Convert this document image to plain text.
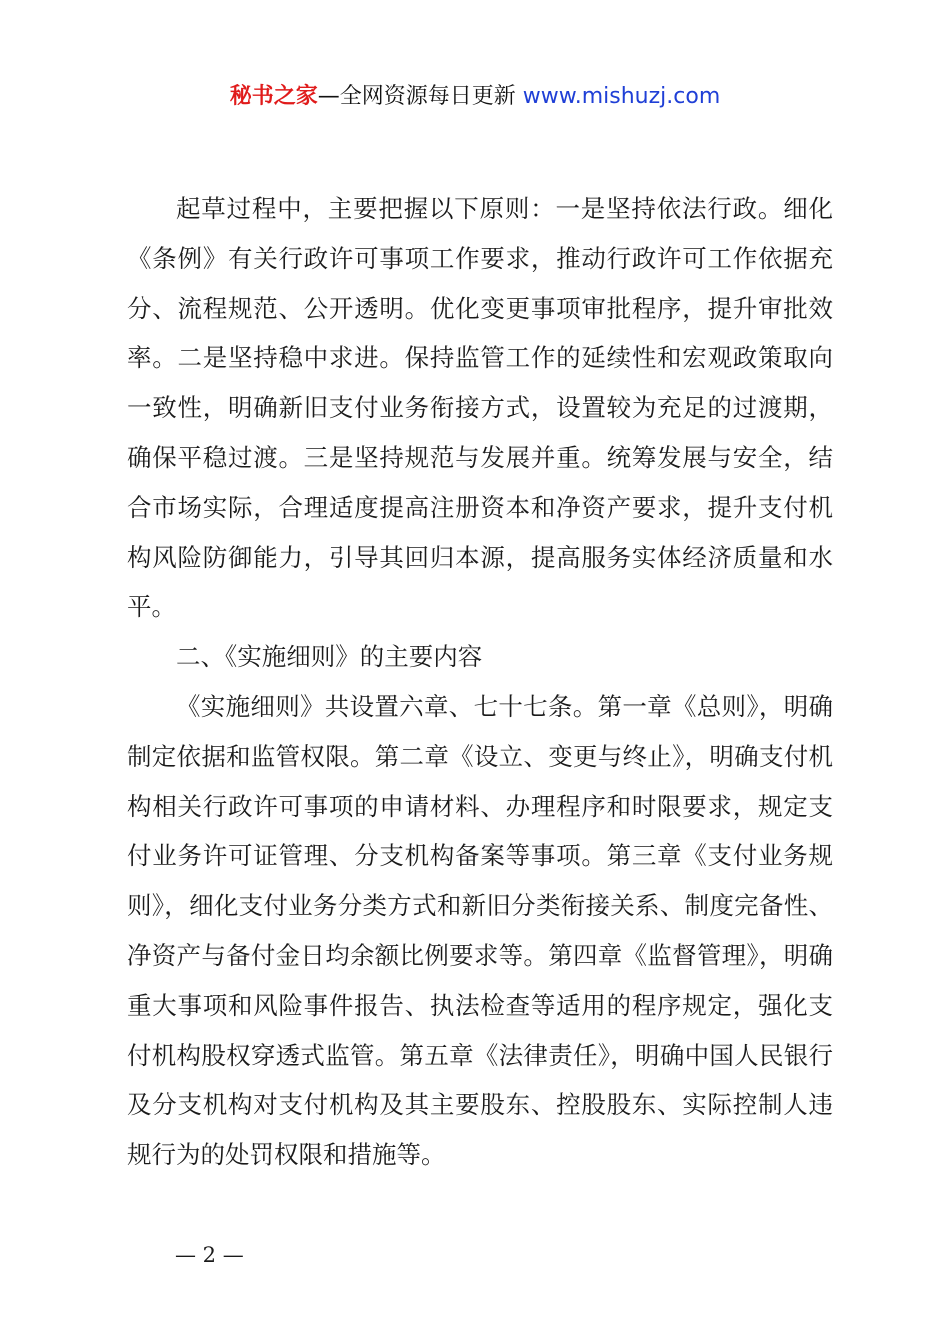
秘书之家—全网资源每日更新 www.mishuzj.com

起草过程中，主要把握以下原则：一是坚持依法行政。细化《条例》有关行政许可事项工作要求，推动行政许可工作依据充分、流程规范、公开透明。优化变更事项审批程序，提升审批效率。二是坚持稳中求进。保持监管工作的延续性和宏观政策取向一致性，明确新旧支付业务衔接方式，设置较为充足的过渡期，确保平稳过渡。三是坚持规范与发展并重。统筹发展与安全，结合市场实际，合理适度提高注册资本和净资产要求，提升支付机构风险防御能力，引导其回归本源，提高服务实体经济质量和水平。

二、《实施细则》的主要内容

《实施细则》共设置六章、七十七条。第一章《总则》，明确制定依据和监管权限。第二章《设立、变更与终止》，明确支付机构相关行政许可事项的申请材料、办理程序和时限要求，规定支付业务许可证管理、分支机构备案等事项。第三章《支付业务规则》，细化支付业务分类方式和新旧分类衔接关系、制度完备性、净资产与备付金日均余额比例要求等。第四章《监督管理》，明确重大事项和风险事件报告、执法检查等适用的程序规定，强化支付机构股权穿透式监管。第五章《法律责任》，明确中国人民银行及分支机构对支付机构及其主要股东、控股股东、实际控制人违规行为的处罚权限和措施等。

— 2 —
